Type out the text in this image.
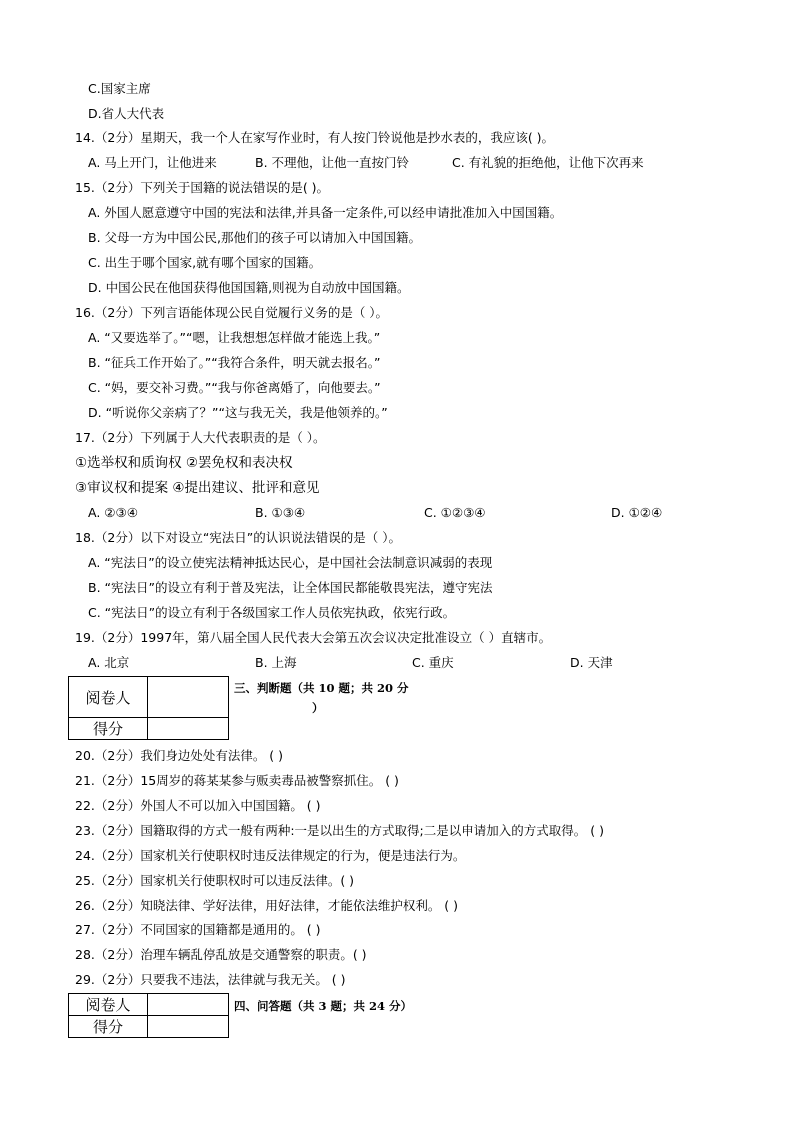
C.国家主席
D.省人大代表
14.（2分）星期天，我一个人在家写作业时，有人按门铃说他是抄水表的，我应该( )。
A. 马上开门，让他进来	B. 不理他，让他一直按门铃	C. 有礼貌的拒绝他，让他下次再来
15.（2分）下列关于国籍的说法错误的是( )。
A. 外国人愿意遵守中国的宪法和法律,并具备一定条件,可以经申请批准加入中国国籍。
B. 父母一方为中国公民,那他们的孩子可以请加入中国国籍。
C. 出生于哪个国家,就有哪个国家的国籍。
D. 中国公民在他国获得他国国籍,则视为自动放中国国籍。
16.（2分）下列言语能体现公民自觉履行义务的是（ ）。
A. “又要选举了。”“嗯，让我想想怎样做才能选上我。”
B. “征兵工作开始了。”“我符合条件，明天就去报名。”
C. “妈，要交补习费。”“我与你爸离婚了，向他要去。”
D. “听说你父亲病了？”“这与我无关，我是他领养的。”
17.（2分）下列属于人大代表职责的是（ ）。
①选举权和质询权 ②罢免权和表决权
③审议权和提案 ④提出建议、批评和意见
A. ②③④	B. ①③④	C. ①②③④	D. ①②④
18.（2分）以下对设立“宪法日”的认识说法错误的是（ ）。
A. “宪法日”的设立使宪法精神抵达民心，是中国社会法制意识减弱的表现
B. “宪法日”的设立有利于普及宪法，让全体国民都能敬畏宪法，遵守宪法
C. “宪法日”的设立有利于各级国家工作人员依宪执政，依宪行政。
19.（2分）1997年，第八届全国人民代表大会第五次会议决定批准设立（ ）直辖市。
A. 北京	B. 上海	C. 重庆	D. 天津
阅卷人	
得分	
三、判断题（共 10 题；共 20 分
）
20.（2分）我们身边处处有法律。 ( )
21.（2分）15周岁的蒋某某参与贩卖毒品被警察抓住。 ( )
22.（2分）外国人不可以加入中国国籍。 ( )
23.（2分）国籍取得的方式一般有两种:一是以出生的方式取得;二是以申请加入的方式取得。 ( )
24.（2分）国家机关行使职权时违反法律规定的行为，便是违法行为。
25.（2分）国家机关行使职权时可以违反法律。( )
26.（2分）知晓法律、学好法律，用好法律，才能依法维护权利。 ( )
27.（2分）不同国家的国籍都是通用的。 ( )
28.（2分）治理车辆乱停乱放是交通警察的职责。( )
29.（2分）只要我不违法，法律就与我无关。 ( )
阅卷人	
得分	
四、问答题（共 3 题；共 24 分）
